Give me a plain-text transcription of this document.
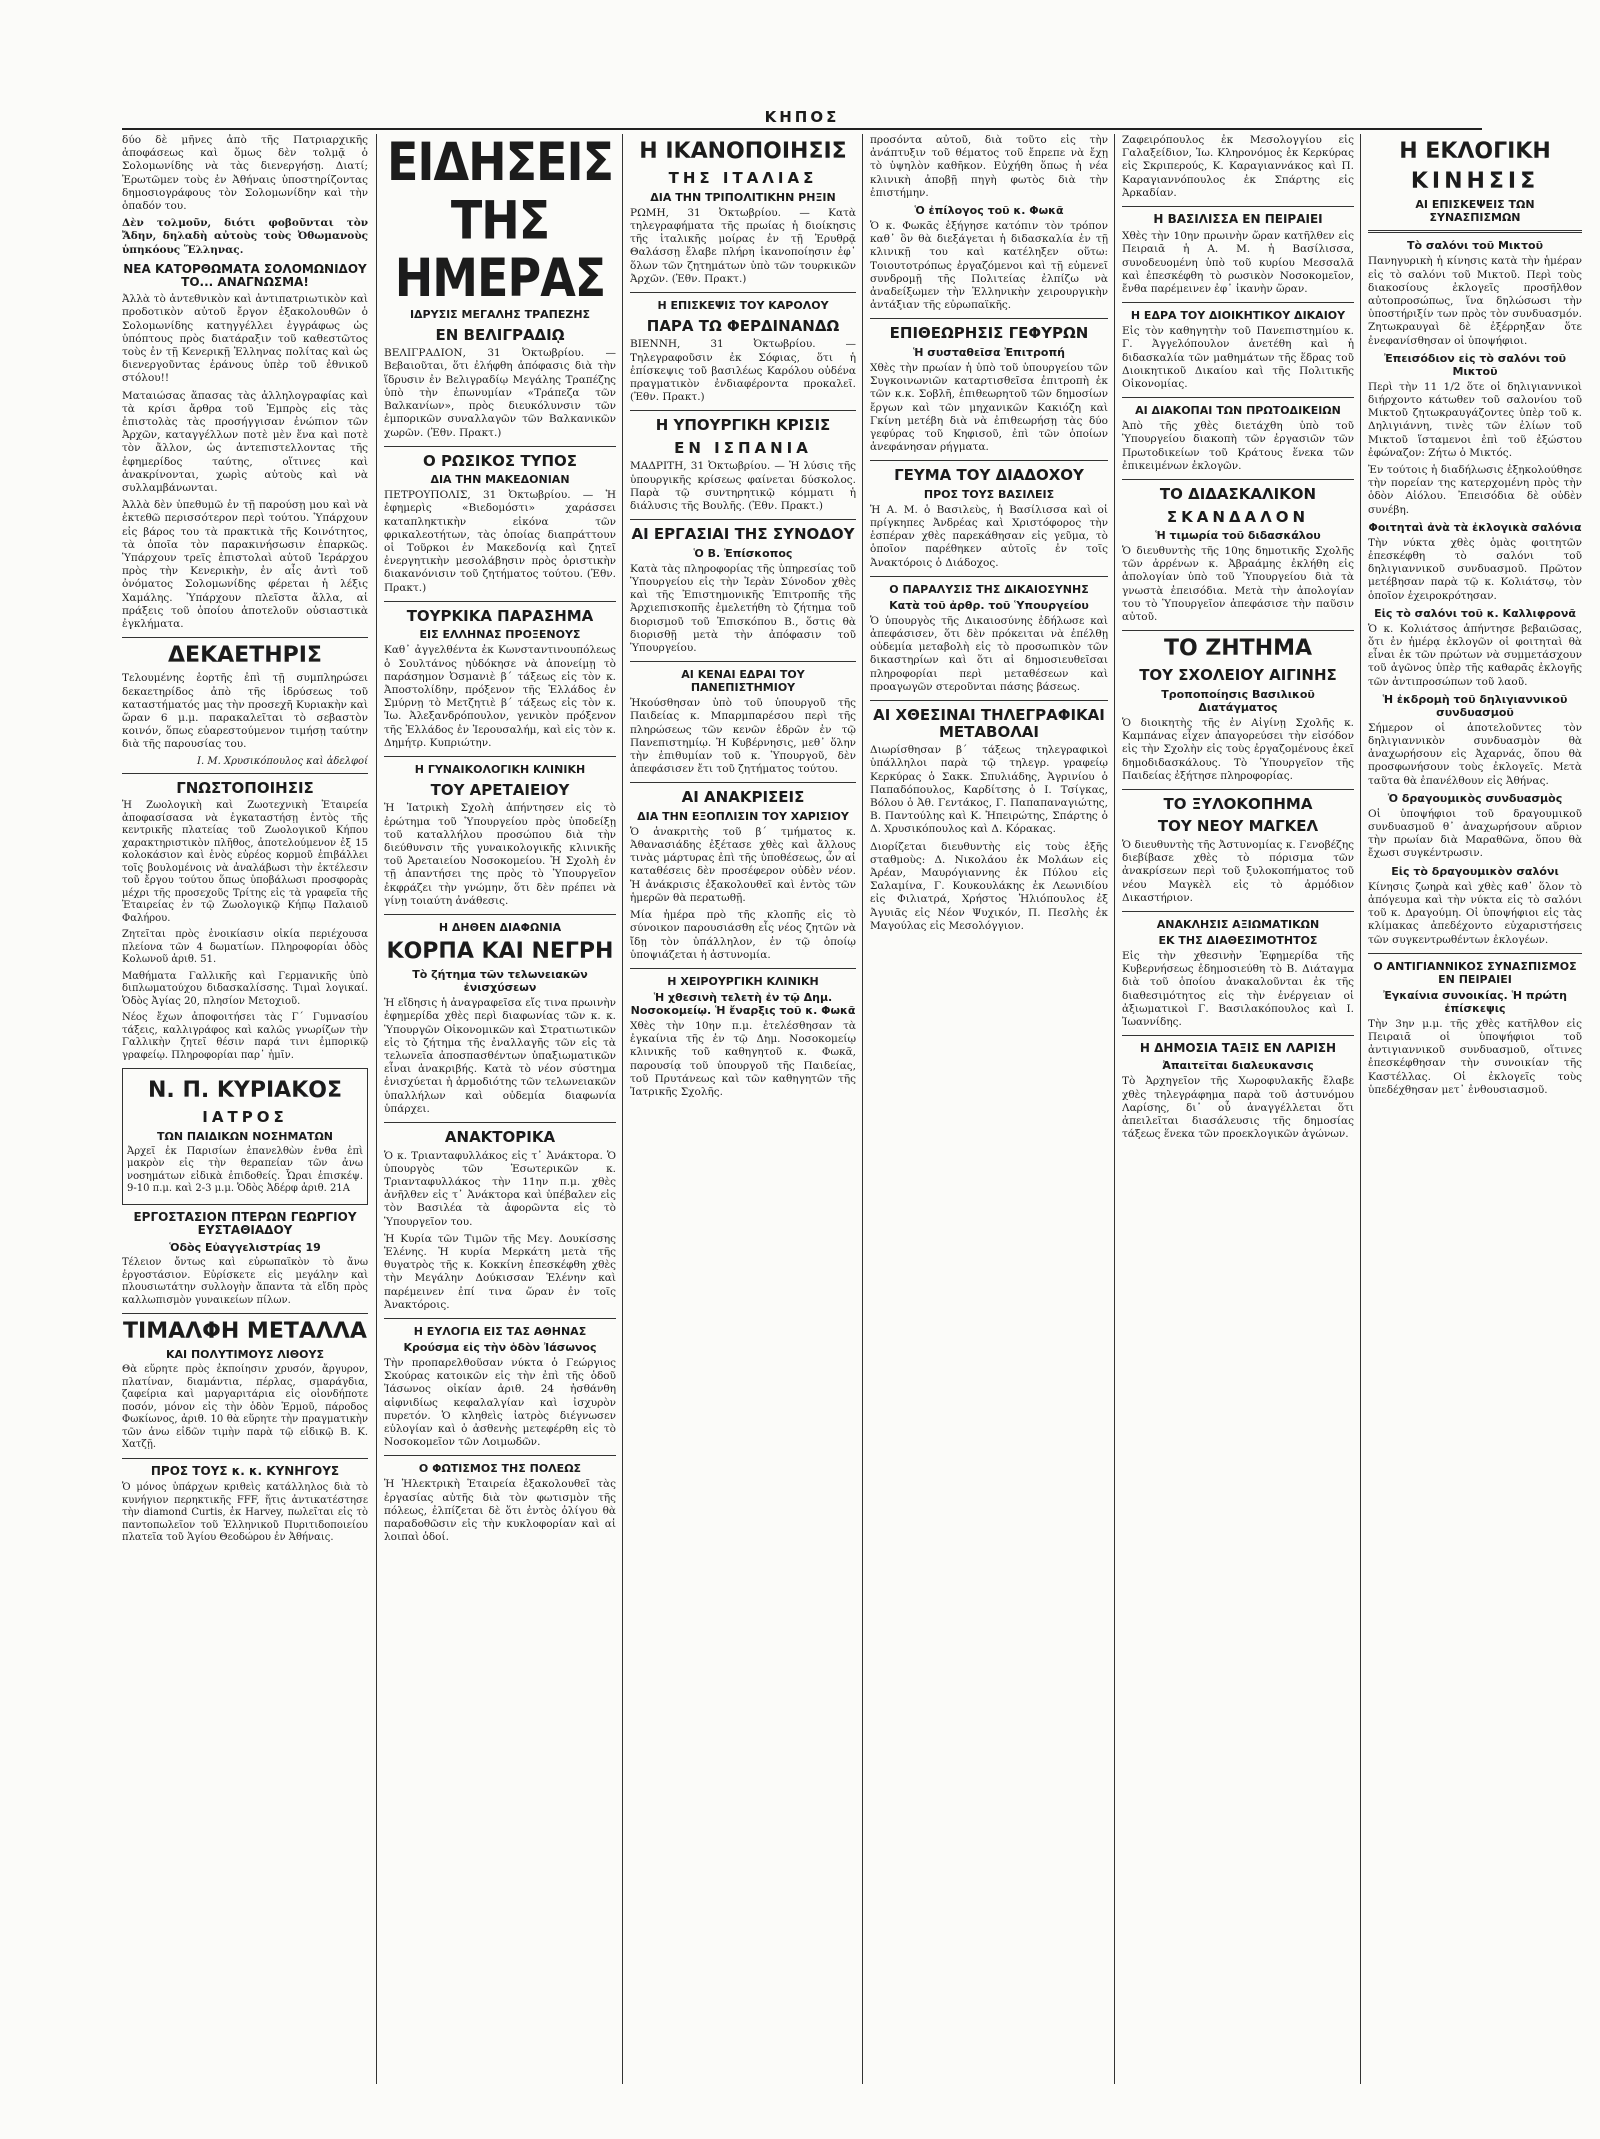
ΚΗΠΟΣ

δύο δὲ μῆνες ἀπὸ τῆς Πατριαρχικῆς ἀποφάσεως καὶ ὅμως δὲν τολμᾷ ὁ Σολομωνίδης νὰ τὰς διενεργήσῃ. Διατί; Ἐρωτῶμεν τοὺς ἐν Ἀθήναις ὑποστηρίζοντας δημοσιογράφους τὸν Σολομωνίδην καὶ τὴν ὁπαδόν του.

Δὲν τολμοῦν, διότι φοβοῦνται τὸν Ἄδην, δηλαδὴ αὐτοὺς τοὺς Ὀθωμανοὺς ὑπηκόους Ἕλληνας.

ΝΕΑ ΚΑΤΟΡΘΩΜΑΤΑ ΣΟΛΟΜΩΝΙΔΟΥ ΤΟ... ΑΝΑΓΝΩΣΜΑ!

Ἀλλὰ τὸ ἀντεθνικὸν καὶ ἀντιπατριωτικὸν καὶ προδοτικὸν αὐτοῦ ἔργον ἐξακολουθῶν ὁ Σολομωνίδης κατηγγέλλει ἐγγράφως ὡς ὑπόπτους πρὸς διατάραξιν τοῦ καθεστῶτος τοὺς ἐν τῇ Κενερικῇ Ἑλληνας πολίτας καὶ ὡς διενεργοῦντας ἐράνους ὑπὲρ τοῦ ἐθνικοῦ στόλου!!

Ματαιώσας ἅπασας τὰς ἀλληλογραφίας καὶ τὰ κρίσι ἄρθρα τοῦ Ἐμπρὸς εἰς τὰς ἐπιστολὰς τὰς προσήγγισαν ἐνώπιον τῶν Ἀρχῶν, καταγγέλλων ποτὲ μὲν ἕνα καὶ ποτὲ τὸν ἄλλον, ὡς ἀντεπιστελλοντας τῆς ἐφημερίδος ταύτης, οἵτινες καὶ ἀνακρίνονται, χωρὶς αὐτοὺς καὶ νὰ συλλαμβάνωνται.

Ἀλλὰ δὲν ὑπεθυμῶ ἐν τῇ παρούσῃ μου καὶ νὰ ἐκτεθῶ περισσότερον περὶ τούτου. Ὑπάρχουν εἰς βάρος του τὰ πρακτικὰ τῆς Κοινότητος, τὰ ὁποῖα τὸν παρακινήσωσιν ἐπαρκῶς. Ὑπάρχουν τρεῖς ἐπιστολαὶ αὐτοῦ Ἱεράρχου πρὸς τὴν Κενερικὴν, ἐν αἷς ἀντὶ τοῦ ὀνόματος Σολομωνίδης φέρεται ἡ λέξις Χαμάλης. Ὑπάρχουν πλεῖστα ἄλλα, αἱ πράξεις τοῦ ὁποίου ἀποτελοῦν οὐσιαστικὰ ἐγκλήματα.

ΔΕΚΑΕΤΗΡΙΣ

Τελουμένης ἑορτῆς ἐπὶ τῇ συμπληρώσει δεκαετηρίδος ἀπὸ τῆς ἱδρύσεως τοῦ καταστήματός μας τὴν προσεχῆ Κυριακὴν καὶ ὥραν 6 μ.μ. παρακαλεῖται τὸ σεβαστὸν κοινόν, ὅπως εὐαρεστούμενον τιμήσῃ ταύτην διὰ τῆς παρουσίας του.

Ι. Μ. Χρυσικόπουλος καὶ ἀδελφοί
ΓΝΩΣΤΟΠΟΙΗΣΙΣ

Ἡ Ζωολογικὴ καὶ Ζωοτεχνικὴ Ἑταιρεία ἀποφασίσασα νὰ ἐγκαταστήσῃ ἐντὸς τῆς κεντρικῆς πλατείας τοῦ Ζωολογικοῦ Κήπου χαρακτηριστικὸν πλῆθος, ἀποτελούμενον ἐξ 15 κολοκάσιον καὶ ἑνὸς εὐρέος κορμοῦ ἐπιβάλλει τοῖς βουλομένοις νὰ ἀναλάβωσι τὴν ἐκτέλεσιν τοῦ ἔργου τούτου ὅπως ὑποβάλωσι προσφορὰς μέχρι τῆς προσεχοῦς Τρίτης εἰς τὰ γραφεῖα τῆς Ἑταιρείας ἐν τῷ Ζωολογικῷ Κήπῳ Παλαιοῦ Φαλήρου.

Ζητεῖται πρὸς ἐνοικίασιν οἰκία περιέχουσα πλείονα τῶν 4 δωματίων. Πληροφορίαι ὁδὸς Κολωνοῦ ἀριθ. 51.

Μαθήματα Γαλλικῆς καὶ Γερμανικῆς ὑπὸ διπλωματούχου διδασκαλίσσης. Τιμαὶ λογικαί. Ὁδὸς Ἀγίας 20, πλησίον Μετοχιοῦ.

Νέος ἔχων ἀποφοιτήσει τὰς Γ΄ Γυμνασίου τάξεις, καλλιγράφος καὶ καλῶς γνωρίζων τὴν Γαλλικὴν ζητεῖ θέσιν παρά τινι ἐμπορικῷ γραφείῳ. Πληροφορίαι παρ᾽ ἡμῖν.

Ν. Π. ΚΥΡΙΑΚΟΣ
ΙΑΤΡΟΣ
ΤΩΝ ΠΑΙΔΙΚΩΝ ΝΟΣΗΜΑΤΩΝ

Ἀρχεῖ ἐκ Παρισίων ἐπανελθὼν ἐνθα ἐπὶ μακρὸν εἰς τὴν θεραπείαν τῶν ἀνω νοσημάτων εἰδικὰ ἐπιδοθείς. Ὧραι ἐπισκέψ. 9-10 π.μ. καὶ 2-3 μ.μ. Ὁδὸς Ἀδέρφ ἀριθ. 21Α

ΕΡΓΟΣΤΑΣΙΟΝ ΠΤΕΡΩΝ ΓΕΩΡΓΙΟΥ ΕΥΣΤΑΘΙΑΔΟΥ
Ὁδὸς Εὐαγγελιστρίας 19

Τέλειον ὄντως καὶ εὐρωπαϊκὸν τὸ ἄνω ἐργοστάσιον. Εὑρίσκετε εἰς μεγάλην καὶ πλουσιωτάτην συλλογὴν ἅπαντα τὰ εἴδη πρὸς καλλωπισμὸν γυναικείων πίλων.

ΤΙΜΑΛΦΗ ΜΕΤΑΛΛΑ
ΚΑΙ ΠΟΛΥΤΙΜΟΥΣ ΛΙΘΟΥΣ

Θὰ εὕρητε πρὸς ἐκποίησιν χρυσόν, ἄργυρον, πλατίναν, διαμάντια, πέρλας, σμαράγδια, ζαφείρια καὶ μαργαριτάρια εἰς οἱονδήποτε ποσόν, μόνον εἰς τὴν ὁδὸν Ἑρμοῦ, πάροδος Φωκίωνος, ἀριθ. 10 θὰ εὕρητε τὴν πραγματικὴν τῶν ἀνω εἰδῶν τιμὴν παρὰ τῷ εἰδικῷ Β. Κ. Χατζῇ.

ΠΡΟΣ ΤΟΥΣ κ. κ. ΚΥΝΗΓΟΥΣ

Ὁ μόνος ὑπάρχων κριθεὶς κατάλληλος διὰ τὸ κυνήγιον περηκτικῆς FFF, ἥτις ἀντικατέστησε τὴν diamond Curtis, ἐκ Harvey, πωλεῖται εἰς τὸ παντοπωλεῖον τοῦ Ἑλληνικοῦ Πυριτιδοποιείου πλατεῖα τοῦ Ἁγίου Θεοδώρου ἐν Ἀθήναις.

ΕΙΔΗΣΕΙΣ ΤΗΣ ΗΜΕΡΑΣ
ΙΔΡΥΣΙΣ ΜΕΓΑΛΗΣ ΤΡΑΠΕΖΗΣ
ΕΝ ΒΕΛΙΓΡΑΔΙῼ

ΒΕΛΙΓΡΑΔΙΟΝ, 31 Ὀκτωβρίου. — Βεβαιοῦται, ὅτι ἐλήφθη ἀπόφασις διὰ τὴν ἵδρυσιν ἐν Βελιγραδίῳ Μεγάλης Τραπέζης ὑπὸ τὴν ἐπωνυμίαν «Τράπεζα τῶν Βαλκανίων», πρὸς διευκόλυνσιν τῶν ἐμπορικῶν συναλλαγῶν τῶν Βαλκανικῶν χωρῶν. (Ἐθν. Πρακτ.)

Ο ΡΩΣΙΚΟΣ ΤΥΠΟΣ
ΔΙΑ ΤΗΝ ΜΑΚΕΔΟΝΙΑΝ

ΠΕΤΡΟΥΠΟΛΙΣ, 31 Ὀκτωβρίου. — Ἡ ἐφημερὶς «Βιεδομόστι» χαράσσει καταπληκτικὴν εἰκόνα τῶν φρικαλεοτήτων, τὰς ὁποίας διαπράττουν οἱ Τοῦρκοι ἐν Μακεδονίᾳ καὶ ζητεῖ ἐνεργητικὴν μεσολάβησιν πρὸς ὁριστικὴν διακανόνισιν τοῦ ζητήματος τούτου. (Ἐθν. Πρακτ.)

ΤΟΥΡΚΙΚΑ ΠΑΡΑΣΗΜΑ
ΕΙΣ ΕΛΛΗΝΑΣ ΠΡΟΞΕΝΟΥΣ

Καθ᾽ ἀγγελθέντα ἐκ Κωνσταντινουπόλεως ὁ Σουλτάνος ηὐδόκησε νὰ ἀπονείμῃ τὸ παράσημον Ὀσμανιὲ β΄ τάξεως εἰς τὸν κ. Ἀποστολίδην, πρόξενον τῆς Ἑλλάδος ἐν Σμύρνῃ τὸ Μετζητιὲ β΄ τάξεως εἰς τὸν κ. Ἰω. Ἀλεξανδρόπουλον, γενικὸν πρόξενον τῆς Ἑλλάδος ἐν Ἱερουσαλήμ, καὶ εἰς τὸν κ. Δημήτρ. Κυπριώτην.

Η ΓΥΝΑΙΚΟΛΟΓΙΚΗ ΚΛΙΝΙΚΗ
ΤΟΥ ΑΡΕΤΑΙΕΙΟΥ

Ἡ Ἰατρικὴ Σχολὴ ἀπήντησεν εἰς τὸ ἐρώτημα τοῦ Ὑπουργείου πρὸς ὑποδείξῃ τοῦ καταλλήλου προσώπου διὰ τὴν διεύθυνσιν τῆς γυναικολογικῆς κλινικῆς τοῦ Ἀρεταιείου Νοσοκομείου. Ἡ Σχολὴ ἐν τῇ ἀπαντήσει της πρὸς τὸ Ὑπουργεῖον ἐκφράζει τὴν γνώμην, ὅτι δὲν πρέπει νὰ γίνῃ τοιαύτη ἀνάθεσις.

Η ΔΗΘΕΝ ΔΙΑΦΩΝΙΑ
ΚΟΡΠΑ ΚΑΙ ΝΕΓΡΗ
Τὸ ζήτημα τῶν τελωνειακῶν ἐνισχύσεων

Ἡ εἴδησις ἡ ἀναγραφεῖσα εἴς τινα πρωινὴν ἐφημερίδα χθὲς περὶ διαφωνίας τῶν κ. κ. Ὑπουργῶν Οἰκονομικῶν καὶ Στρατιωτικῶν εἰς τὸ ζήτημα τῆς ἐναλλαγῆς τῶν εἰς τὰ τελωνεῖα ἀποσπασθέντων ὑπαξιωματικῶν εἶναι ἀνακριβής. Κατὰ τὸ νέον σύστημα ἐνισχύεται ἡ ἀρμοδιότης τῶν τελωνειακῶν ὑπαλλήλων καὶ οὐδεμία διαφωνία ὑπάρχει.

ΑΝΑΚΤΟΡΙΚΑ

Ὁ κ. Τριανταφυλλάκος εἰς τ᾽ Ἀνάκτορα. Ὁ ὑπουργὸς τῶν Ἐσωτερικῶν κ. Τριανταφυλλάκος τὴν 11ην π.μ. χθὲς ἀνῆλθεν εἰς τ᾽ Ἀνάκτορα καὶ ὑπέβαλεν εἰς τὸν Βασιλέα τὰ ἀφορῶντα εἰς τὸ Ὑπουργεῖον του.

Ἡ Κυρία τῶν Τιμῶν τῆς Μεγ. Δουκίσσης Ἑλένης. Ἡ κυρία Μερκάτη μετὰ τῆς θυγατρὸς τῆς κ. Κοκκίνη ἐπεσκέφθη χθὲς τὴν Μεγάλην Δούκισσαν Ἑλένην καὶ παρέμεινεν ἐπί τινα ὥραν ἐν τοῖς Ἀνακτόροις.

Η ΕΥΛΟΓΙΑ ΕΙΣ ΤΑΣ ΑΘΗΝΑΣ
Κρούσμα εἰς τὴν ὁδὸν Ἰάσωνος

Τὴν προπαρελθοῦσαν νύκτα ὁ Γεώργιος Σκούρας κατοικῶν εἰς τὴν ἐπὶ τῆς ὁδοῦ Ἰάσωνος οἰκίαν ἀριθ. 24 ἠσθάνθη αἰφνιδίως κεφαλαλγίαν καὶ ἰσχυρὸν πυρετόν. Ὁ κληθεὶς ἰατρὸς διέγνωσεν εὐλογίαν καὶ ὁ ἀσθενὴς μετεφέρθη εἰς τὸ Νοσοκομεῖον τῶν Λοιμωδῶν.

Ο ΦΩΤΙΣΜΟΣ ΤΗΣ ΠΟΛΕΩΣ

Ἡ Ἠλεκτρικὴ Ἑταιρεία ἐξακολουθεῖ τὰς ἐργασίας αὐτῆς διὰ τὸν φωτισμὸν τῆς πόλεως, ἐλπίζεται δὲ ὅτι ἐντὸς ὀλίγου θὰ παραδοθῶσιν εἰς τὴν κυκλοφορίαν καὶ αἱ λοιπαὶ ὁδοί.

Η ΙΚΑΝΟΠΟΙΗΣΙΣ
ΤΗΣ ΙΤΑΛΙΑΣ
ΔΙΑ ΤΗΝ ΤΡΙΠΟΛΙΤΙΚΗΝ ΡΗΞΙΝ

ΡΩΜΗ, 31 Ὀκτωβρίου. — Κατὰ τηλεγραφήματα τῆς πρωίας ἡ διοίκησις τῆς ἰταλικῆς μοίρας ἐν τῇ Ἐρυθρᾷ Θαλάσσῃ ἔλαβε πλήρη ἱκανοποίησιν ἐφ᾽ ὅλων τῶν ζητημάτων ὑπὸ τῶν τουρκικῶν Ἀρχῶν. (Ἐθν. Πρακτ.)

Η ΕΠΙΣΚΕΨΙΣ ΤΟΥ ΚΑΡΟΛΟΥ
ΠΑΡΑ ΤΩ ΦΕΡΔΙΝΑΝΔΩ

ΒΙΕΝΝΗ, 31 Ὀκτωβρίου. — Τηλεγραφοῦσιν ἐκ Σόφιας, ὅτι ἡ ἐπίσκεψις τοῦ βασιλέως Καρόλου οὐδένα πραγματικὸν ἐνδιαφέροντα προκαλεῖ. (Ἐθν. Πρακτ.)

Η ΥΠΟΥΡΓΙΚΗ ΚΡΙΣΙΣ
ΕΝ ΙΣΠΑΝΙΑ

ΜΑΔΡΙΤΗ, 31 Ὀκτωβρίου. — Ἡ λύσις τῆς ὑπουργικῆς κρίσεως φαίνεται δύσκολος. Παρὰ τῷ συντηρητικῷ κόμματι ἡ διάλυσις τῆς Βουλῆς. (Ἐθν. Πρακτ.)

ΑΙ ΕΡΓΑΣΙΑΙ ΤΗΣ ΣΥΝΟΔΟΥ
Ὁ Β. Ἐπίσκοπος

Κατὰ τὰς πληροφορίας τῆς ὑπηρεσίας τοῦ Ὑπουργείου εἰς τὴν Ἱερὰν Σύνοδον χθὲς καὶ τῆς Ἐπιστημονικῆς Ἐπιτροπῆς τῆς Ἀρχιεπισκοπῆς ἐμελετήθη τὸ ζήτημα τοῦ διορισμοῦ τοῦ Ἐπισκόπου Β., ὅστις θὰ διορισθῇ μετὰ τὴν ἀπόφασιν τοῦ Ὑπουργείου.

ΑΙ ΚΕΝΑΙ ΕΔΡΑΙ ΤΟΥ ΠΑΝΕΠΙΣΤΗΜΙΟΥ

Ἠκούσθησαν ὑπὸ τοῦ ὑπουργοῦ τῆς Παιδείας κ. Μπαρμπαρέσου περὶ τῆς πληρώσεως τῶν κενῶν ἑδρῶν ἐν τῷ Πανεπιστημίῳ. Ἡ Κυβέρνησις, μεθ᾽ ὅλην τὴν ἐπιθυμίαν τοῦ κ. Ὑπουργοῦ, δὲν ἀπεφάσισεν ἔτι τοῦ ζητήματος τούτου.

ΑΙ ΑΝΑΚΡΙΣΕΙΣ
ΔΙΑ ΤΗΝ ΕΞΟΠΛΙΣΙΝ ΤΟΥ ΧΑΡΙΣΙΟΥ

Ὁ ἀνακριτὴς τοῦ β΄ τμήματος κ. Ἀθανασιάδης ἐξέτασε χθὲς καὶ ἄλλους τινὰς μάρτυρας ἐπὶ τῆς ὑποθέσεως, ὧν αἱ καταθέσεις δὲν προσέφερον οὐδὲν νέον. Ἡ ἀνάκρισις ἐξακολουθεῖ καὶ ἐντὸς τῶν ἡμερῶν θὰ περατωθῇ.

Μία ἡμέρα πρὸ τῆς κλοπῆς εἰς τὸ σύνοικον παρουσιάσθη εἷς νέος ζητῶν νὰ ἴδῃ τὸν ὑπάλληλον, ἐν τῷ ὁποίῳ ὑποψιάζεται ἡ ἀστυνομία.

Η ΧΕΙΡΟΥΡΓΙΚΗ ΚΛΙΝΙΚΗ
Ἡ χθεσινὴ τελετὴ ἐν τῷ Δημ. Νοσοκομείῳ. Ἡ ἔναρξις τοῦ κ. Φωκᾶ

Χθὲς τὴν 10ην π.μ. ἐτελέσθησαν τὰ ἐγκαίνια τῆς ἐν τῷ Δημ. Νοσοκομείῳ κλινικῆς τοῦ καθηγητοῦ κ. Φωκᾶ, παρουσίᾳ τοῦ ὑπουργοῦ τῆς Παιδείας, τοῦ Πρυτάνεως καὶ τῶν καθηγητῶν τῆς Ἰατρικῆς Σχολῆς.

προσόντα αὐτοῦ, διὰ τοῦτο εἰς τὴν ἀνάπτυξιν τοῦ θέματος τοῦ ἔπρεπε νὰ ἔχῃ τὸ ὑψηλὸν καθῆκον. Εὐχήθη ὅπως ἡ νέα κλινικὴ ἀποβῇ πηγὴ φωτὸς διὰ τὴν ἐπιστήμην.

Ὁ ἐπίλογος τοῦ κ. Φωκᾶ

Ὁ κ. Φωκᾶς ἐξήγησε κατόπιν τὸν τρόπον καθ᾽ ὃν θὰ διεξάγεται ἡ διδασκαλία ἐν τῇ κλινικῇ του καὶ κατέληξεν οὕτω: Τοιουτοτρόπως ἐργαζόμενοι καὶ τῇ εὐμενεῖ συνδρομῇ τῆς Πολιτείας ἐλπίζω νὰ ἀναδείξωμεν τὴν Ἑλληνικὴν χειρουργικὴν ἀντάξιαν τῆς εὐρωπαϊκῆς.

ΕΠΙΘΕΩΡΗΣΙΣ ΓΕΦΥΡΩΝ
Ἡ συσταθεῖσα Ἐπιτροπή

Χθὲς τὴν πρωίαν ἡ ὑπὸ τοῦ ὑπουργείου τῶν Συγκοινωνιῶν καταρτισθεῖσα ἐπιτροπὴ ἐκ τῶν κ.κ. Σοβλῆ, ἐπιθεωρητοῦ τῶν δημοσίων ἔργων καὶ τῶν μηχανικῶν Κακιόζη καὶ Γκίνη μετέβη διὰ νὰ ἐπιθεωρήσῃ τὰς δύο γεφύρας τοῦ Κηφισοῦ, ἐπὶ τῶν ὁποίων ἀνεφάνησαν ρήγματα.

ΓΕΥΜΑ ΤΟΥ ΔΙΑΔΟΧΟΥ
ΠΡΟΣ ΤΟΥΣ ΒΑΣΙΛΕΙΣ

Ἡ Α. Μ. ὁ Βασιλεὺς, ἡ Βασίλισσα καὶ οἱ πρίγκηπες Ἀνδρέας καὶ Χριστόφορος τὴν ἑσπέραν χθὲς παρεκάθησαν εἰς γεῦμα, τὸ ὁποῖον παρέθηκεν αὐτοῖς ἐν τοῖς Ἀνακτόροις ὁ Διάδοχος.

Ο ΠΑΡΑΛΥΣΙΣ ΤΗΣ ΔΙΚΑΙΟΣΥΝΗΣ
Κατὰ τοῦ ἀρθρ. τοῦ Ὑπουργείου

Ὁ ὑπουργὸς τῆς Δικαιοσύνης ἐδήλωσε καὶ ἀπεφάσισεν, ὅτι δὲν πρόκειται νὰ ἐπέλθῃ οὐδεμία μεταβολὴ εἰς τὸ προσωπικὸν τῶν δικαστηρίων καὶ ὅτι αἱ δημοσιευθεῖσαι πληροφορίαι περὶ μεταθέσεων καὶ προαγωγῶν στεροῦνται πάσης βάσεως.

ΑΙ ΧΘΕΣΙΝΑΙ ΤΗΛΕΓΡΑΦΙΚΑΙ ΜΕΤΑΒΟΛΑΙ

Διωρίσθησαν β΄ τάξεως τηλεγραφικοὶ ὑπάλληλοι παρὰ τῷ τηλεγρ. γραφείῳ Κερκύρας ὁ Σακκ. Σπυλιάδης, Ἀγρινίου ὁ Παπαδόπουλος, Καρδίτσης ὁ Ι. Τσίγκας, Βόλου ὁ Ἀθ. Γεντάκος, Γ. Παπαπαναγιώτης, Β. Παντούλης καὶ Κ. Ἠπειρώτης, Σπάρτης ὁ Δ. Χρυσικόπουλος καὶ Δ. Κόρακας.

Διορίζεται διευθυντὴς εἰς τοὺς ἑξῆς σταθμοὺς: Δ. Νικολάου ἐκ Μολάων εἰς Ἀρέαν, Μαυρόγιαννης ἐκ Πύλου εἰς Σαλαμίνα, Γ. Κουκουλάκης ἐκ Λεωνιδίου εἰς Φιλιατρά, Χρήστος Ἠλιόπουλος ἐξ Ἀγυιᾶς εἰς Νέον Ψυχικόν, Π. Πεσλὴς ἐκ Μαγούλας εἰς Μεσολόγγιον.

Ζαφειρόπουλος ἐκ Μεσολογγίου εἰς Γαλαξείδιον, Ἰω. Κληρονόμος ἐκ Κερκύρας εἰς Σκριπερούς, Κ. Καραγιαννάκος καὶ Π. Καραγιαννόπουλος ἐκ Σπάρτης εἰς Ἀρκαδίαν.

Η ΒΑΣΙΛΙΣΣΑ ΕΝ ΠΕΙΡΑΙΕΙ

Χθὲς τὴν 10ην πρωινὴν ὥραν κατῆλθεν εἰς Πειραιᾶ ἡ Α. Μ. ἡ Βασίλισσα, συνοδευομένη ὑπὸ τοῦ κυρίου Μεσσαλᾶ καὶ ἐπεσκέφθη τὸ ρωσικὸν Νοσοκομεῖον, ἔνθα παρέμεινεν ἐφ᾽ ἱκανὴν ὥραν.

Η ΕΔΡΑ ΤΟΥ ΔΙΟΙΚΗΤΙΚΟΥ ΔΙΚΑΙΟΥ

Εἰς τὸν καθηγητὴν τοῦ Πανεπιστημίου κ. Γ. Ἀγγελόπουλον ἀνετέθη καὶ ἡ διδασκαλία τῶν μαθημάτων τῆς ἕδρας τοῦ Διοικητικοῦ Δικαίου καὶ τῆς Πολιτικῆς Οἰκονομίας.

ΑΙ ΔΙΑΚΟΠΑΙ ΤΩΝ ΠΡΩΤΟΔΙΚΕΙΩΝ

Ἀπὸ τῆς χθὲς διετάχθη ὑπὸ τοῦ Ὑπουργείου διακοπὴ τῶν ἐργασιῶν τῶν Πρωτοδικείων τοῦ Κράτους ἕνεκα τῶν ἐπικειμένων ἐκλογῶν.

ΤΟ ΔΙΔΑΣΚΑΛΙΚΟΝ
ΣΚΑΝΔΑΛΟΝ
Ἡ τιμωρία τοῦ διδασκάλου

Ὁ διευθυντὴς τῆς 10ης δημοτικῆς Σχολῆς τῶν ἀρρένων κ. Ἀβραάμης ἐκλήθη εἰς ἀπολογίαν ὑπὸ τοῦ Ὑπουργείου διὰ τὰ γνωστὰ ἐπεισόδια. Μετὰ τὴν ἀπολογίαν του τὸ Ὑπουργεῖον ἀπεφάσισε τὴν παῦσιν αὐτοῦ.

ΤΟ ΖΗΤΗΜΑ
ΤΟΥ ΣΧΟΛΕΙΟΥ ΑΙΓΙΝΗΣ
Τροποποίησις Βασιλικοῦ Διατάγματος

Ὁ διοικητὴς τῆς ἐν Αἰγίνῃ Σχολῆς κ. Καμπάνας εἶχεν ἀπαγορεύσει τὴν εἰσόδον εἰς τὴν Σχολὴν εἰς τοὺς ἐργαζομένους ἐκεῖ δημοδιδασκάλους. Τὸ Ὑπουργεῖον τῆς Παιδείας ἐξήτησε πληροφορίας.

ΤΟ ΞΥΛΟΚΟΠΗΜΑ
ΤΟΥ ΝΕΟΥ ΜΑΓΚΕΛ

Ὁ διευθυντὴς τῆς Ἀστυνομίας κ. Γενοβέζης διεβίβασε χθὲς τὸ πόρισμα τῶν ἀνακρίσεων περὶ τοῦ ξυλοκοπήματος τοῦ νέου Μαγκὲλ εἰς τὸ ἀρμόδιον Δικαστήριον.

ΑΝΑΚΛΗΣΙΣ ΑΞΙΩΜΑΤΙΚΩΝ
ΕΚ ΤΗΣ ΔΙΑΘΕΣΙΜΟΤΗΤΟΣ

Εἰς τὴν χθεσινὴν Ἐφημερίδα τῆς Κυβερνήσεως ἐδημοσιεύθη τὸ Β. Διάταγμα διὰ τοῦ ὁποίου ἀνακαλοῦνται ἐκ τῆς διαθεσιμότητος εἰς τὴν ἐνέργειαν οἱ ἀξιωματικοὶ Γ. Βασιλακόπουλος καὶ Ι. Ἰωαννίδης.

Η ΔΗΜΟΣΙΑ ΤΑΞΙΣ ΕΝ ΛΑΡΙΣΗ
Ἀπαιτεῖται διαλευκανσις

Τὸ Ἀρχηγεῖον τῆς Χωροφυλακῆς ἔλαβε χθὲς τηλεγράφημα παρὰ τοῦ ἀστυνόμου Λαρίσης, δι᾽ οὗ ἀναγγέλλεται ὅτι ἀπειλεῖται διασάλευσις τῆς δημοσίας τάξεως ἕνεκα τῶν προεκλογικῶν ἀγώνων.

Η ΕΚΛΟΓΙΚΗ
ΚΙΝΗΣΙΣ
ΑΙ ΕΠΙΣΚΕΨΕΙΣ ΤΩΝ ΣΥΝΑΣΠΙΣΜΩΝ
Τὸ σαλόνι τοῦ Μικτοῦ

Πανηγυρικὴ ἡ κίνησις κατὰ τὴν ἡμέραν εἰς τὸ σαλόνι τοῦ Μικτοῦ. Περὶ τοὺς διακοσίους ἐκλογεῖς προσῆλθον αὐτοπροσώπως, ἵνα δηλώσωσι τὴν ὑποστήριξίν των πρὸς τὸν συνδυασμόν. Ζητωκραυγαὶ δὲ ἐξέρρηξαν ὅτε ἐνεφανίσθησαν οἱ ὑποψήφιοι.

Ἐπεισόδιον εἰς τὸ σαλόνι τοῦ Μικτοῦ

Περὶ τὴν 11 1/2 ὅτε οἱ δηλιγιαννικοὶ διήρχοντο κάτωθεν τοῦ σαλονίου τοῦ Μικτοῦ ζητωκραυγάζοντες ὑπὲρ τοῦ κ. Δηλιγιάννη, τινὲς τῶν ἐλίων τοῦ Μικτοῦ ἵσταμενοι ἐπὶ τοῦ ἐξώστου ἐφώναζον: Ζήτω ὁ Μικτός.

Ἐν τούτοις ἡ διαδήλωσις ἐξηκολούθησε τὴν πορείαν της κατερχομένη πρὸς τὴν ὁδὸν Αἰόλου. Ἐπεισόδια δὲ οὐδὲν συνέβη.

Φοιτηταὶ ἀνὰ τὰ ἐκλογικὰ σαλόνια

Τὴν νύκτα χθὲς ὁμὰς φοιτητῶν ἐπεσκέφθη τὸ σαλόνι τοῦ δηλιγιαννικοῦ συνδυασμοῦ. Πρῶτον μετέβησαν παρὰ τῷ κ. Κολιάτσῳ, τὸν ὁποῖον ἐχειροκρότησαν.

Εἰς τὸ σαλόνι τοῦ κ. Καλλιφρονᾶ

Ὁ κ. Κολιάτσος ἀπήντησε βεβαιῶσας, ὅτι ἐν ἡμέρᾳ ἐκλογῶν οἱ φοιτηταὶ θὰ εἶναι ἐκ τῶν πρώτων νὰ συμμετάσχουν τοῦ ἀγῶνος ὑπὲρ τῆς καθαρᾶς ἐκλογῆς τῶν ἀντιπροσώπων τοῦ λαοῦ.

Ἡ ἐκδρομὴ τοῦ δηλιγιαννικοῦ συνδυασμοῦ

Σήμερον οἱ ἀποτελοῦντες τὸν δηλιγιαννικὸν συνδυασμὸν θὰ ἀναχωρήσουν εἰς Ἀχαρνάς, ὅπου θὰ προσφωνήσουν τοὺς ἐκλογεῖς. Μετὰ ταῦτα θὰ ἐπανέλθουν εἰς Ἀθήνας.

Ὁ δραγουμικὸς συνδυασμὸς

Οἱ ὑποψήφιοι τοῦ δραγουμικοῦ συνδυασμοῦ θ᾽ ἀναχωρήσουν αὔριον τὴν πρωίαν διὰ Μαραθῶνα, ὅπου θὰ ἔχωσι συγκέντρωσιν.

Εἰς τὸ δραγουμικὸν σαλόνι

Κίνησις ζωηρὰ καὶ χθὲς καθ᾽ ὅλον τὸ ἀπόγευμα καὶ τὴν νύκτα εἰς τὸ σαλόνι τοῦ κ. Δραγούμη. Οἱ ὑποψήφιοι εἰς τὰς κλίμακας ἀπεδέχοντο εὐχαριστήσεις τῶν συγκεντρωθέντων ἐκλογέων.

Ο ΑΝΤΙΓΙΑΝΝΙΚΟΣ ΣΥΝΑΣΠΙΣΜΟΣ ΕΝ ΠΕΙΡΑΙΕΙ
Ἐγκαίνια συνοικίας. Ἡ πρώτη ἐπίσκεψις

Τὴν 3ην μ.μ. τῆς χθὲς κατῆλθον εἰς Πειραιᾶ οἱ ὑποψήφιοι τοῦ ἀντιγιαννικοῦ συνδυασμοῦ, οἵτινες ἐπεσκέφθησαν τὴν συνοικίαν τῆς Καστέλλας. Οἱ ἐκλογεῖς τοὺς ὑπεδέχθησαν μετ᾽ ἐνθουσιασμοῦ.
